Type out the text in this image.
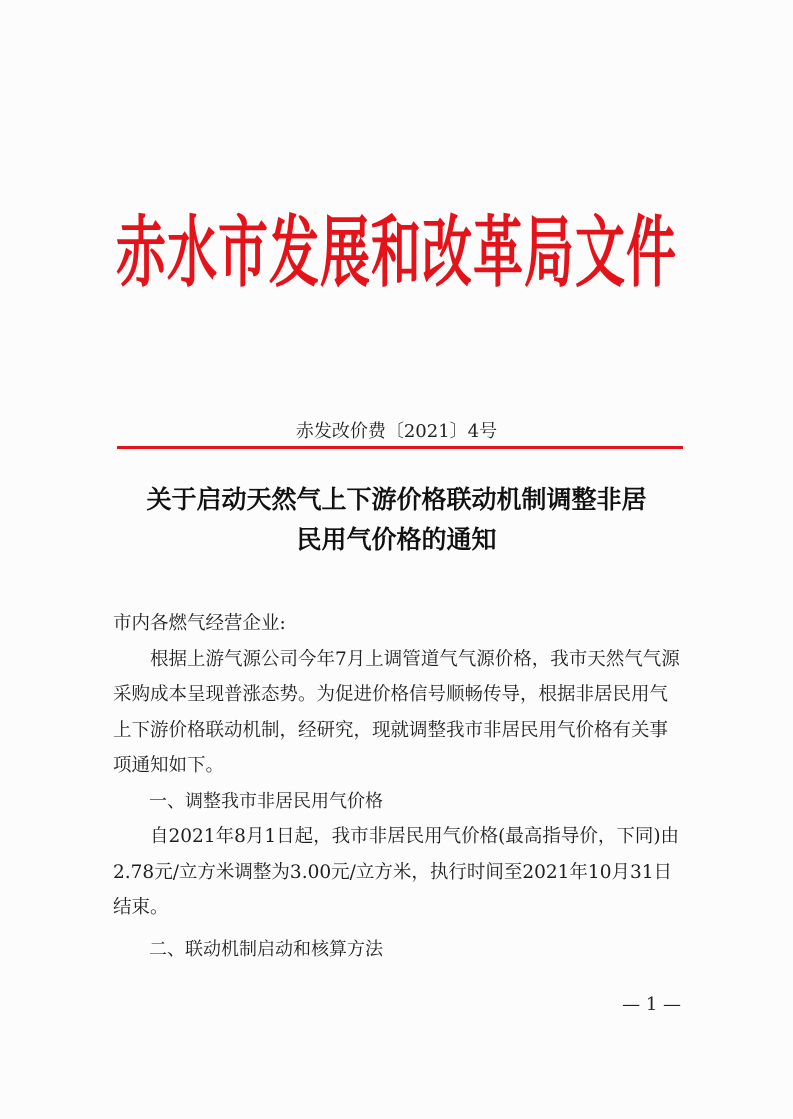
赤水市发展和改革局文件
赤发改价费〔2021〕4号
关于启动天然气上下游价格联动机制调整非居
民用气价格的通知

市内各燃气经营企业:

根据上游气源公司今年7月上调管道气气源价格，我市天然气气源采购成本呈现普涨态势。为促进价格信号顺畅传导，根据非居民用气上下游价格联动机制，经研究，现就调整我市非居民用气价格有关事项通知如下。

一、调整我市非居民用气价格

自2021年8月1日起，我市非居民用气价格(最高指导价，下同)由2.78元/立方米调整为3.00元/立方米，执行时间至2021年10月31日结束。

二、联动机制启动和核算方法

— 1 —
